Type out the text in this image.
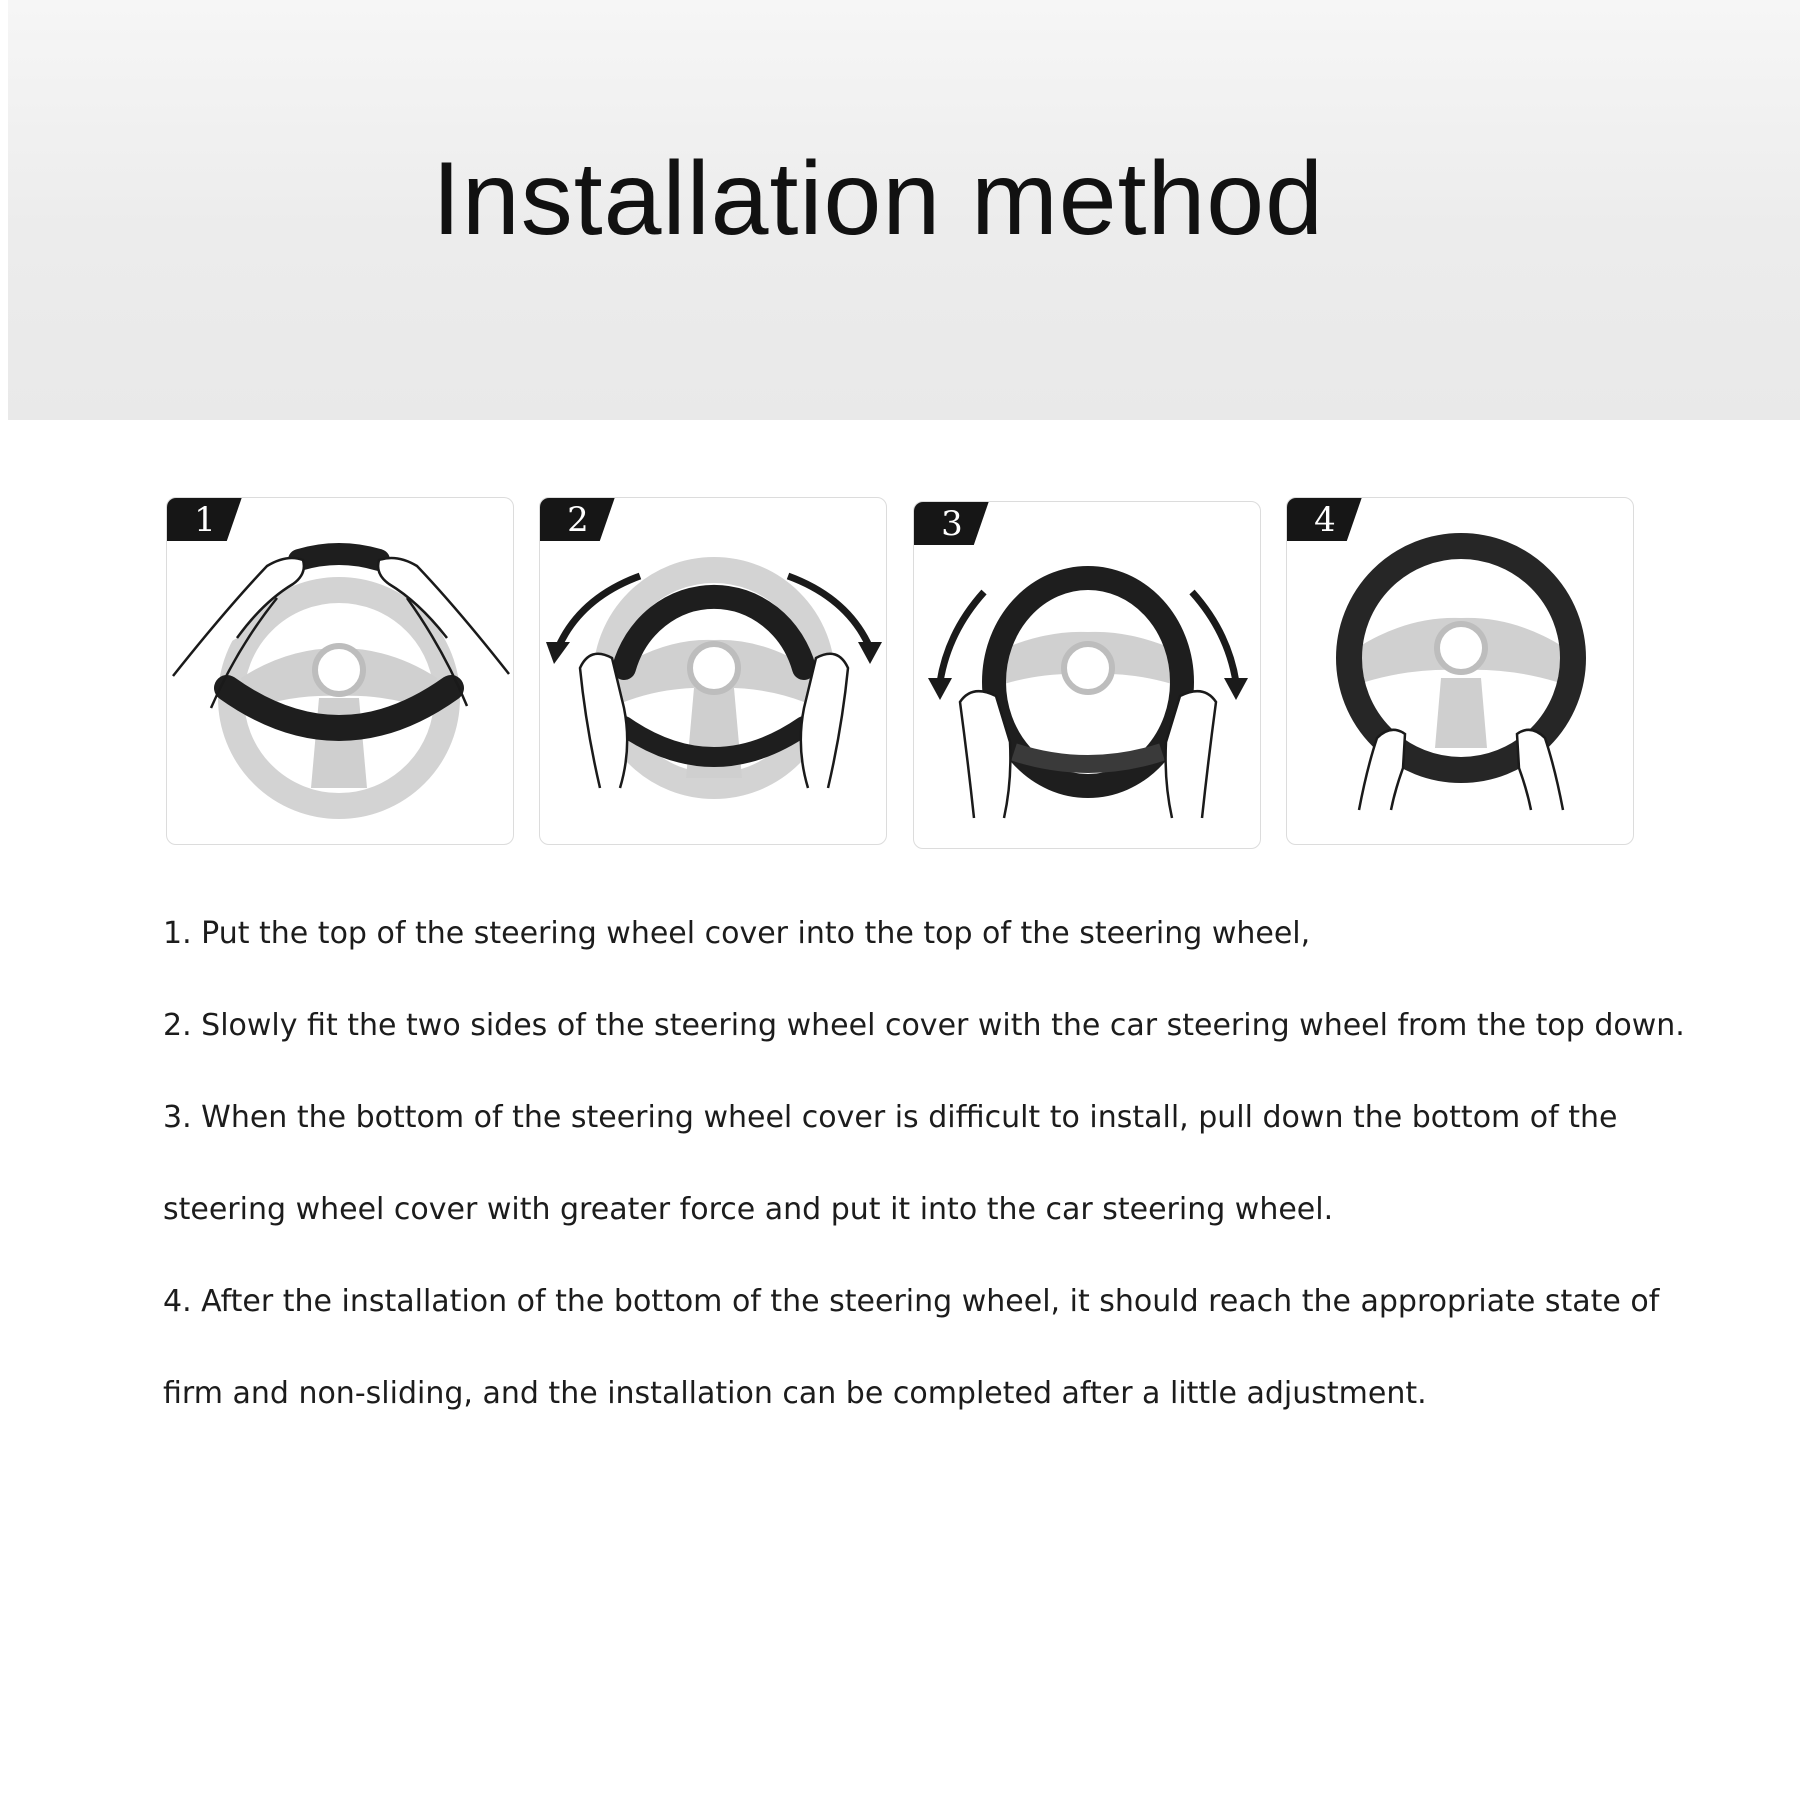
Installation method
1	2	3	4
1. Put the top of the steering wheel cover into the top of the steering wheel,
2. Slowly fit the two sides of the steering wheel cover with the car steering wheel from the top down.
3. When the bottom of the steering wheel cover is difficult to install, pull down the bottom of the
steering wheel cover with greater force and put it into the car steering wheel.
4. After the installation of the bottom of the steering wheel, it should reach the appropriate state of
firm and non-sliding, and the installation can be completed after a little adjustment.
